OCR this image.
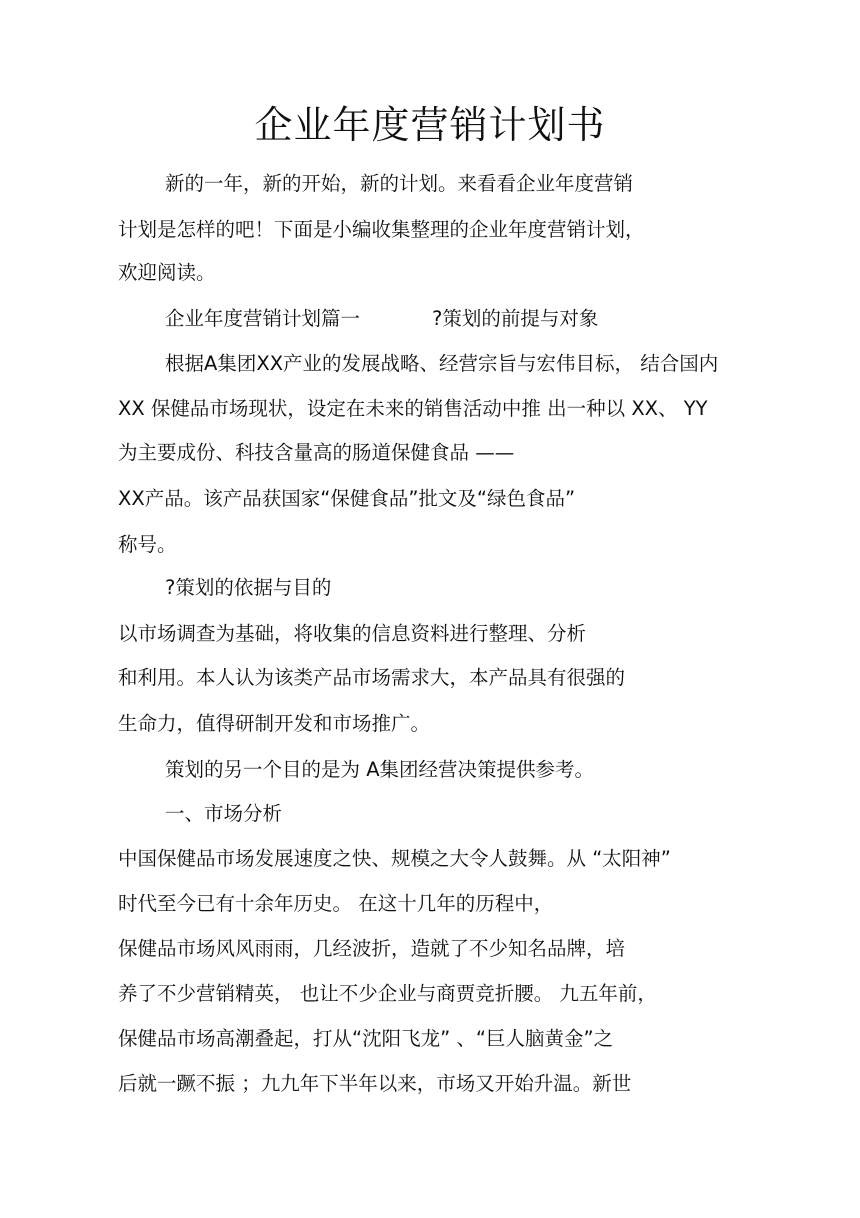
企业年度营销计划书
新的一年，新的开始，新的计划。来看看企业年度营销
计划是怎样的吧！下面是小编收集整理的企业年度营销计划，
欢迎阅读。
企业年度营销计划篇一	?策划的前提与对象
根据A集团XX产业的发展战略、经营宗旨与宏伟目标， 结合国内
XX 保健品市场现状，设定在未来的销售活动中推 出一种以 XX、 YY
为主要成份、科技含量高的肠道保健食品 ——
XX产品。该产品获国家“保健食品”批文及“绿色食品”
称号。
?策划的依据与目的
以市场调查为基础，将收集的信息资料进行整理、分析
和利用。本人认为该类产品市场需求大，本产品具有很强的
生命力，值得研制开发和市场推广。
策划的另一个目的是为 A集团经营决策提供参考。
一、市场分析
中国保健品市场发展速度之快、规模之大令人鼓舞。从 “太阳神”
时代至今已有十余年历史。 在这十几年的历程中，
保健品市场风风雨雨，几经波折，造就了不少知名品牌，培
养了不少营销精英， 也让不少企业与商贾竞折腰。 九五年前，
保健品市场高潮叠起，打从“沈阳飞龙” 、“巨人脑黄金”之
后就一蹶不振 ；九九年下半年以来，市场又开始升温。新世
